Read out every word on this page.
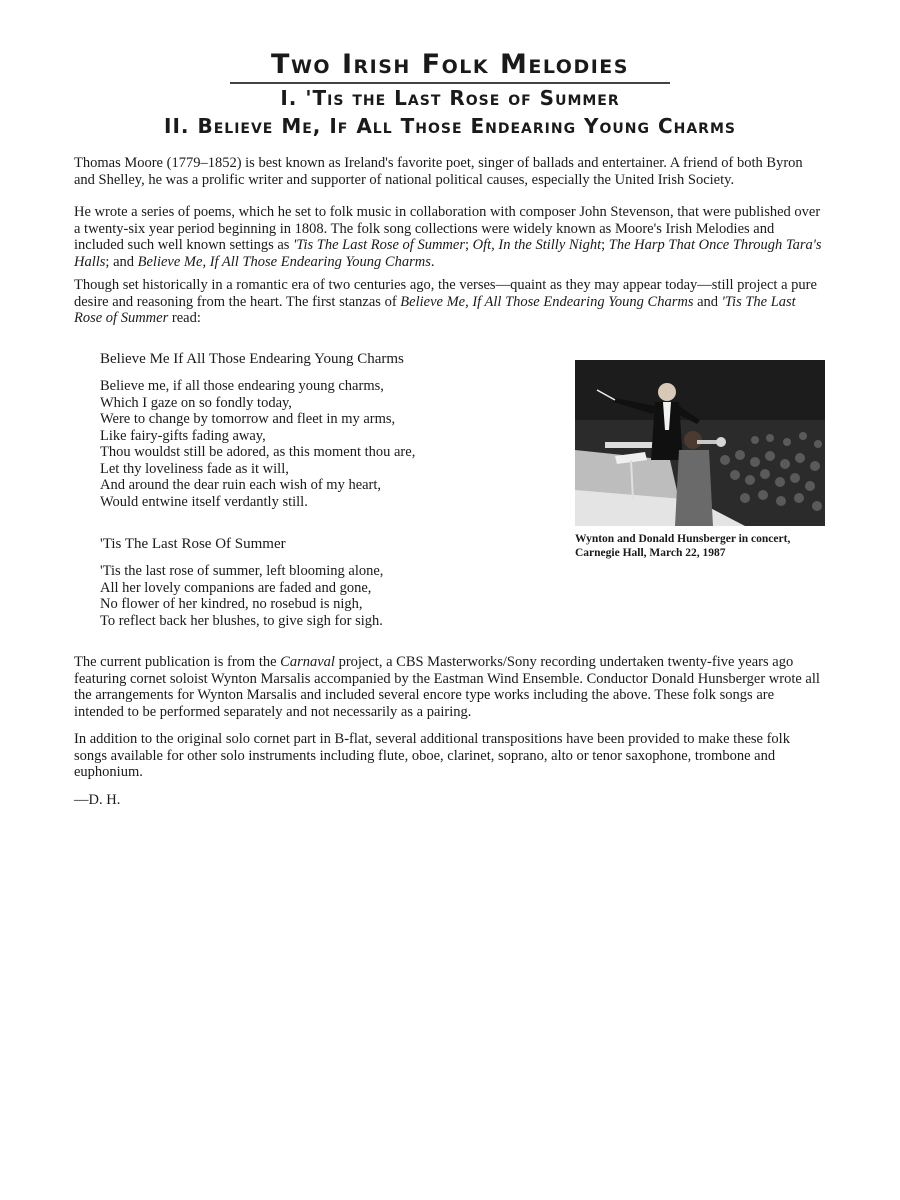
Two Irish Folk Melodies
I. 'Tis the Last Rose of Summer
II. Believe Me, If All Those Endearing Young Charms

Thomas Moore (1779–1852) is best known as Ireland's favorite poet, singer of ballads and entertainer. A friend of both Byron and Shelley, he was a prolific writer and supporter of national political causes, especially the United Irish Society.

He wrote a series of poems, which he set to folk music in collaboration with composer John Stevenson, that were published over a twenty-six year period beginning in 1808. The folk song collections were widely known as Moore's Irish Melodies and included such well known settings as 'Tis The Last Rose of Summer; Oft, In the Stilly Night; The Harp That Once Through Tara's Halls; and Believe Me, If All Those Endearing Young Charms.

Though set historically in a romantic era of two centuries ago, the verses—quaint as they may appear today—still project a pure desire and reasoning from the heart. The first stanzas of Believe Me, If All Those Endearing Young Charms and 'Tis The Last Rose of Summer read:

Believe Me If All Those Endearing Young Charms
Believe me, if all those endearing young charms,
Which I gaze on so fondly today,
Were to change by tomorrow and fleet in my arms,
Like fairy-gifts fading away,
Thou wouldst still be adored, as this moment thou are,
Let thy loveliness fade as it will,
And around the dear ruin each wish of my heart,
Would entwine itself verdantly still.
'Tis The Last Rose Of Summer
'Tis the last rose of summer, left blooming alone,
All her lovely companions are faded and gone,
No flower of her kindred, no rosebud is nigh,
To reflect back her blushes, to give sigh for sigh.
Wynton and Donald Hunsberger in concert,
Carnegie Hall, March 22, 1987

The current publication is from the Carnaval project, a CBS Masterworks/Sony recording undertaken twenty-five years ago featuring cornet soloist Wynton Marsalis accompanied by the Eastman Wind Ensemble. Conductor Donald Hunsberger wrote all the arrangements for Wynton Marsalis and included several encore type works including the above. These folk songs are intended to be performed separately and not necessarily as a pairing.

In addition to the original solo cornet part in B-flat, several additional transpositions have been provided to make these folk songs available for other solo instruments including flute, oboe, clarinet, soprano, alto or tenor saxophone, trombone and euphonium.

—D. H.
